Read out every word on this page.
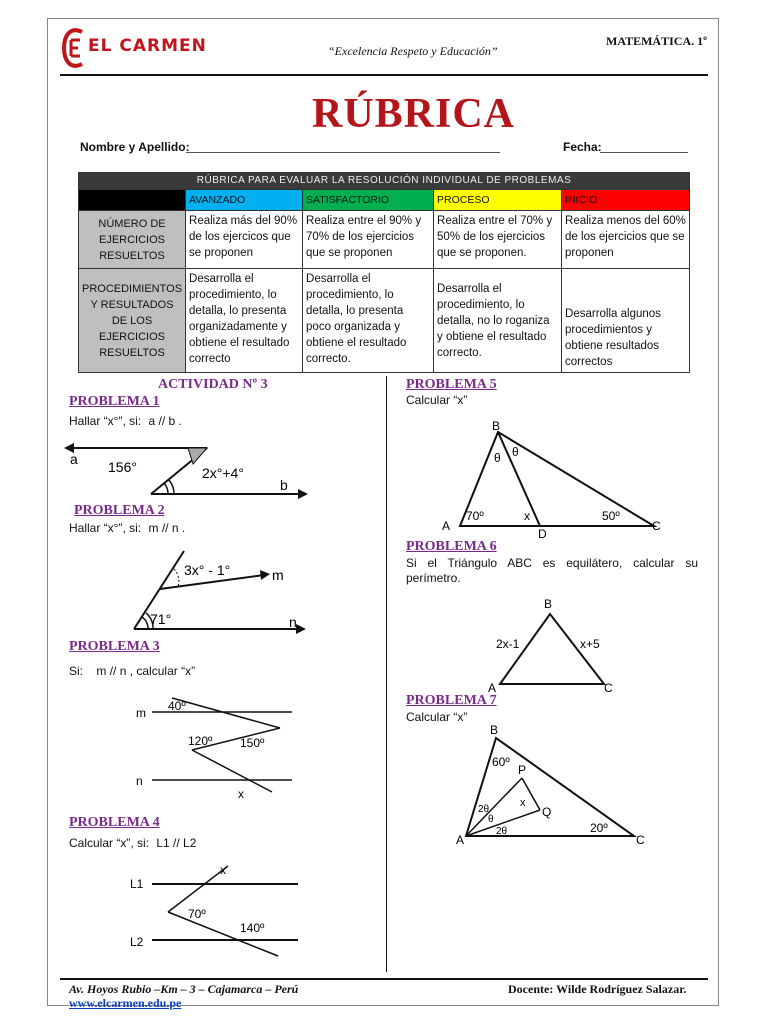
EL CARMEN	“Excelencia Respeto y Educación”
MATEMÁTICA. 1º
RÚBRICA
Nombre y Apellido:	Fecha:
RÚBRICA PARA EVALUAR LA RESOLUCIÓN INDIVIDUAL DE PROBLEMAS				
	AVANZADO	SATISFACTORIO	PROCESO	INICIO
NÚMERO DE EJERCICIOS RESUELTOS	Realiza más del 90% de los ejercicos que se proponen	Realiza entre el 90% y 70% de los ejercicios que se proponen	Realiza entre el 70% y 50% de los ejercicios que se proponen.	Realiza menos del 60% de los ejercicios que se proponen
PROCEDIMIENTOS Y RESULTADOS DE LOS EJERCICIOS RESUELTOS	Desarrolla el procedimiento, lo detalla, lo presenta organizadamente y obtiene el resultado correcto	Desarrolla el procedimiento, lo detalla, lo presenta poco organizada y obtiene el resultado correcto.	Desarrolla el procedimiento, lo detalla, no lo roganiza y obtiene el resultado correcto.	Desarrolla algunos procedimientos y obtiene resultados correctos
ACTIVIDAD Nº 3
PROBLEMA 1
Hallar “x°”, si: a // b .
a
b
156°	2x°+4°
PROBLEMA 2
Hallar “x°”, si: m // n .
3x° - 1°	m
71°	n
PROBLEMA 3
Si: m // n , calcular “x”
m
n
40º
120º 150º
x
PROBLEMA 4
Calcular “x”, si: L1 // L2
L1
L2
x
70º
140º
PROBLEMA 5
Calcular “x”
B
A	C
D
θ θ
70º	x	50º
PROBLEMA 6
Si el Triángulo ABC es equilátero, calcular su perímetro.
B
A	C
2x-1	x+5
PROBLEMA 7
Calcular “x”
B
A	C
P
Q
60º
x
2θ
θ
2θ	20º
Av. Hoyos Rubio –Km – 3 – Cajamarca – Perú	Docente: Wilde Rodríguez Salazar.
www.elcarmen.edu.pe
